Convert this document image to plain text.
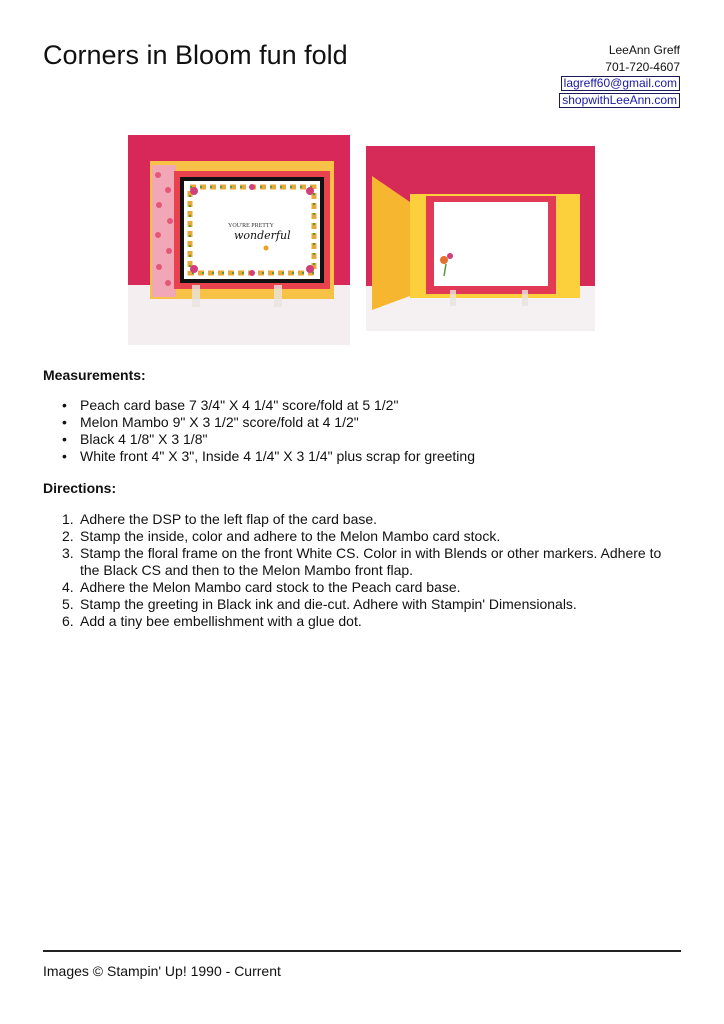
Corners in Bloom fun fold	LeeAnn Greff
701-720-4607
lagreff60@gmail.com
shopwithLeeAnn.com
YOU'RE PRETTY
wonderful
Measurements:
• Peach card base 7 3/4" X 4 1/4" score/fold at 5 1/2"
• Melon Mambo 9" X 3 1/2" score/fold at 4 1/2"
• Black 4 1/8" X 3 1/8"
• White front 4" X 3", Inside 4 1/4" X 3 1/4" plus scrap for greeting
Directions:
1. Adhere the DSP to the left flap of the card base.
2. Stamp the inside, color and adhere to the Melon Mambo card stock.
3. Stamp the floral frame on the front White CS. Color in with Blends or other markers. Adhere to the Black CS and then to the Melon Mambo front flap.
4. Adhere the Melon Mambo card stock to the Peach card base.
5. Stamp the greeting in Black ink and die-cut. Adhere with Stampin' Dimensionals.
6. Add a tiny bee embellishment with a glue dot.
Images © Stampin' Up! 1990 - Current
